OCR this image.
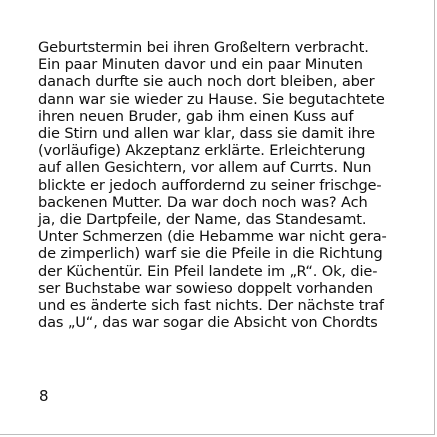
Geburtstermin bei ihren Großeltern verbracht.
Ein paar Minuten davor und ein paar Minuten
danach durfte sie auch noch dort bleiben, aber
dann war sie wieder zu Hause. Sie begutachtete
ihren neuen Bruder, gab ihm einen Kuss auf
die Stirn und allen war klar, dass sie damit ihre
(vorläufige) Akzeptanz erklärte. Erleichterung
auf allen Gesichtern, vor allem auf Currts. Nun
blickte er jedoch auffordernd zu seiner frischge-
backenen Mutter. Da war doch noch was? Ach
ja, die Dartpfeile, der Name, das Standesamt.
Unter Schmerzen (die Hebamme war nicht gera-
de zimperlich) warf sie die Pfeile in die Richtung
der Küchentür. Ein Pfeil landete im „R“. Ok, die-
ser Buchstabe war sowieso doppelt vorhanden
und es änderte sich fast nichts. Der nächste traf
das „U“, das war sogar die Absicht von Chordts
8
